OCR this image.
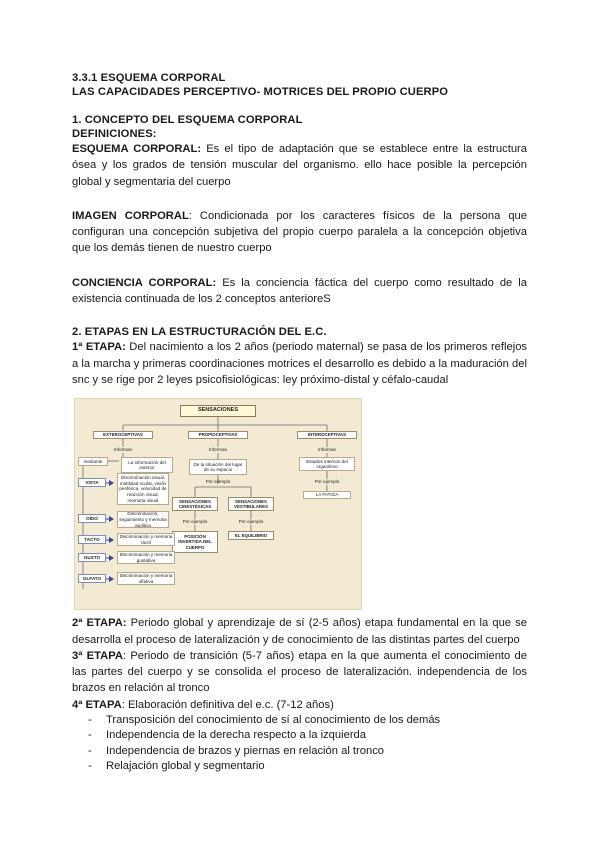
3.3.1 ESQUEMA CORPORAL
LAS CAPACIDADES PERCEPTIVO- MOTRICES DEL PROPIO CUERPO
1. CONCEPTO DEL ESQUEMA CORPORAL
DEFINICIONES:

ESQUEMA CORPORAL: Es el tipo de adaptación que se establece entre la estructura ósea y los grados de tensión muscular del organismo. ello hace posible la percepción global y segmentaria del cuerpo

IMAGEN CORPORAL: Condicionada por los caracteres físicos de la persona que configuran una concepción subjetiva del propio cuerpo paralela a la concepción objetiva que los demás tienen de nuestro cuerpo

CONCIENCIA CORPORAL: Es la conciencia fáctica del cuerpo como resultado de la existencia continuada de los 2 conceptos anterioreS

2. ETAPAS EN LA ESTRUCTURACIÓN DEL E.C.

1ª ETAPA: Del nacimiento a los 2 años (periodo maternal) se pasa de los primeros reflejos a la marcha y primeras coordinaciones motrices el desarrollo es debido a la maduración del snc y se rige por 2 leyes psicofisiológicas: ley próximo-distal y céfalo-caudal

SENSACIONES
EXTEROCEPTIVAS	PROPIOCEPTIVAS	INTEROCEPTIVAS
Informan	Informan	Informan
mediante	La información del exterior
De la situación del lugar de su espacio
Estados internos del organismo
Por ejemplo	Por ejemplo
LA FATIGA
SENSACIONES CINESTÉSICAS
SENSACIONES VESTIBULARES
Por ejemplo	Por ejemplo
POSICIÓN INVERTIDA DEL CUERPO
EL EQUILIBRIO
VISTA
Discriminación visual, motilidad ocular, visión periférica, velocidad de reacción visual, memoria visual
OÍDO
Discriminación, seguimiento y memoria auditiva
TACTO
Discriminación y memoria táctil
GUSTO
Discriminación y memoria gustativa
OLFATO
Discriminación y memoria olfativa

2ª ETAPA: Periodo global y aprendizaje de sí (2-5 años) etapa fundamental en la que se desarrolla el proceso de lateralización y de conocimiento de las distintas partes del cuerpo

3ª ETAPA: Periodo de transición (5-7 años) etapa en la que aumenta el conocimiento de las partes del cuerpo y se consolida el proceso de lateralización. independencia de los brazos en relación al tronco

4ª ETAPA: Elaboración definitiva del e.c. (7-12 años)

- Transposición del conocimiento de sí al conocimiento de los demás
- Independencia de la derecha respecto a la izquierda
- Independencia de brazos y piernas en relación al tronco
- Relajación global y segmentario
